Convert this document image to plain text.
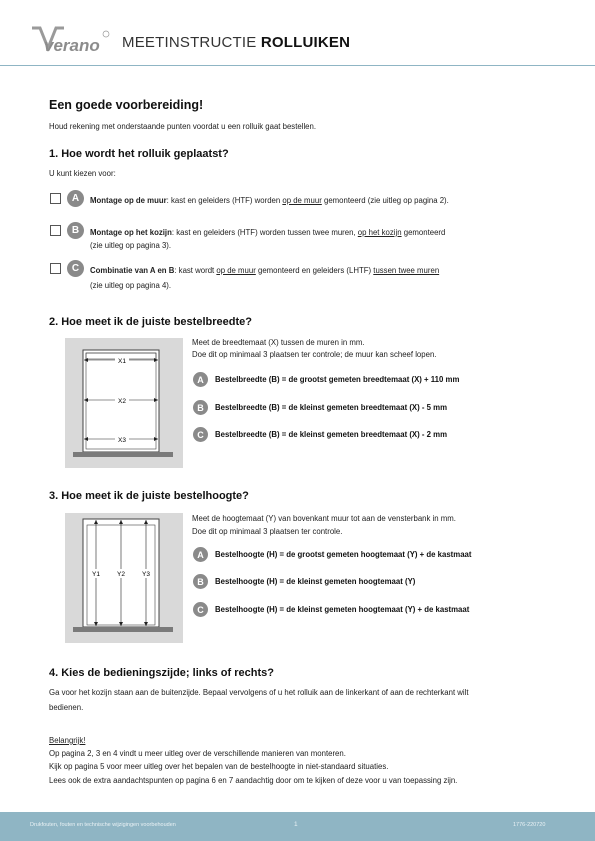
verano MEETINSTRUCTIE ROLLUIKEN
Een goede voorbereiding!
Houd rekening met onderstaande punten voordat u een rolluik gaat bestellen.
1. Hoe wordt het rolluik geplaatst?
U kunt kiezen voor:
A	Montage op de muur: kast en geleiders (HTF) worden op de muur gemonteerd (zie uitleg op pagina 2).
B	Montage op het kozijn: kast en geleiders (HTF) worden tussen twee muren, op het kozijn gemonteerd
(zie uitleg op pagina 3).
C	Combinatie van A en B: kast wordt op de muur gemonteerd en geleiders (LHTF) tussen twee muren
(zie uitleg op pagina 4).
2. Hoe meet ik de juiste bestelbreedte?
X1
X2
X3
Meet de breedtemaat (X) tussen de muren in mm.
Doe dit op minimaal 3 plaatsen ter controle; de muur kan scheef lopen.
A	Bestelbreedte (B) = de grootst gemeten breedtemaat (X) + 110 mm
B	Bestelbreedte (B) = de kleinst gemeten breedtemaat (X) - 5 mm
C	Bestelbreedte (B) = de kleinst gemeten breedtemaat (X) - 2 mm
3. Hoe meet ik de juiste bestelhoogte?
Y1	Y2	Y3
Meet de hoogtemaat (Y) van bovenkant muur tot aan de vensterbank in mm.
Doe dit op minimaal 3 plaatsen ter controle.
A	Bestelhoogte (H) = de grootst gemeten hoogtemaat (Y) + de kastmaat
B	Bestelhoogte (H) = de kleinst gemeten hoogtemaat (Y)
C	Bestelhoogte (H) = de kleinst gemeten hoogtemaat (Y) + de kastmaat
4. Kies de bedieningszijde; links of rechts?
Ga voor het kozijn staan aan de buitenzijde. Bepaal vervolgens of u het rolluik aan de linkerkant of aan de rechterkant wilt
bedienen.
Belangrijk!
Op pagina 2, 3 en 4 vindt u meer uitleg over de verschillende manieren van monteren.
Kijk op pagina 5 voor meer uitleg over het bepalen van de bestelhoogte in niet-standaard situaties.
Lees ook de extra aandachtspunten op pagina 6 en 7 aandachtig door om te kijken of deze voor u van toepassing zijn.
Drukfouten, fouten en technische wijzigingen voorbehouden	1	1776-220720
